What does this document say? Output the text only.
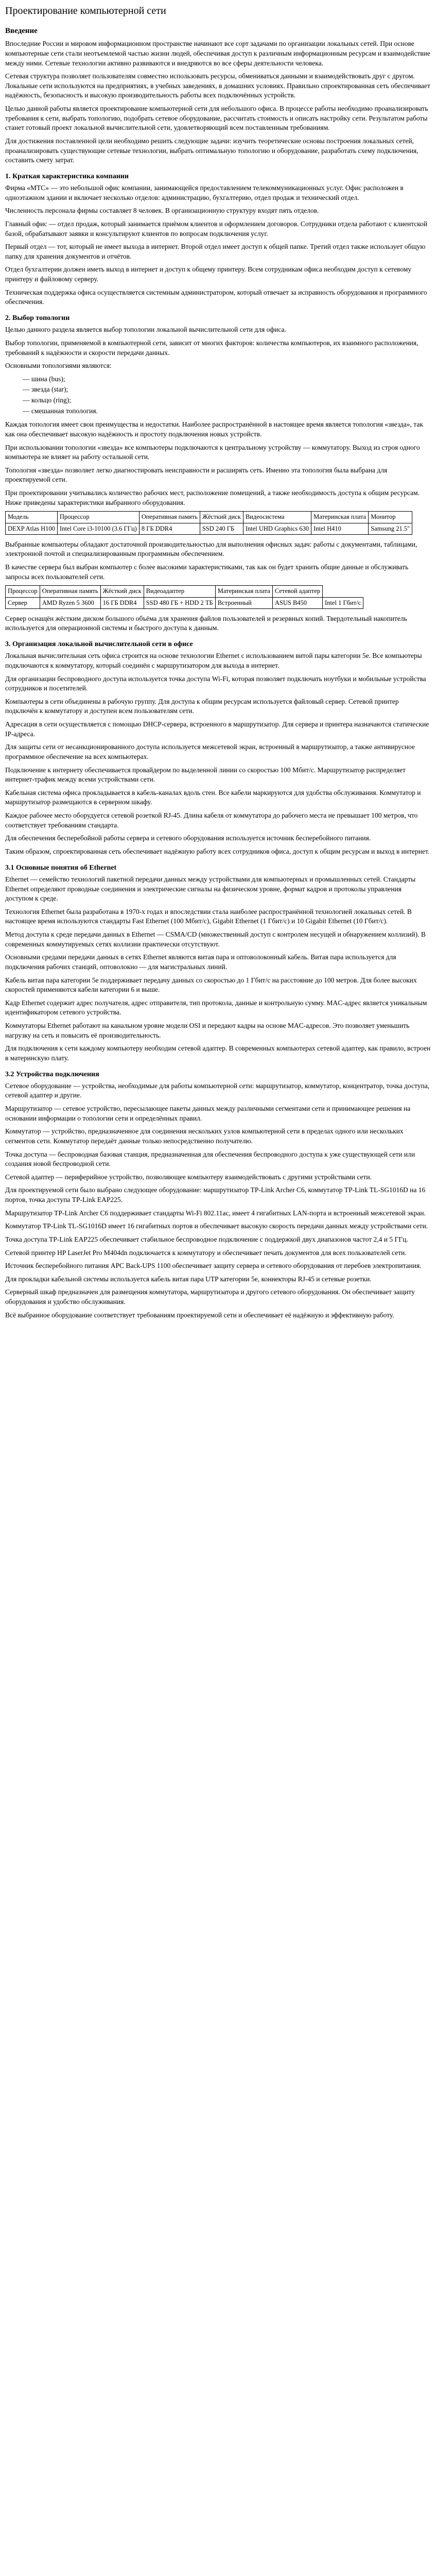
Проектирование компьютерной сети
Введение

Впоследние России и мировом информационном пространстве начинают все сорт задачами по организации локальных сетей. При основе компьютерные сети стали неотъемлемой частью жизни людей, обеспечивая доступ к различным информационным ресурсам и взаимодействие между ними. Сетевые технологии активно развиваются и внедряются во все сферы деятельности человека.

Сетевая структура позволяет пользователям совместно использовать ресурсы, обмениваться данными и взаимодействовать друг с другом. Локальные сети используются на предприятиях, в учебных заведениях, в домашних условиях. Правильно спроектированная сеть обеспечивает надёжность, безопасность и высокую производительность работы всех подключённых устройств.

Целью данной работы является проектирование компьютерной сети для небольшого офиса. В процессе работы необходимо проанализировать требования к сети, выбрать топологию, подобрать сетевое оборудование, рассчитать стоимость и описать настройку сети. Результатом работы станет готовый проект локальной вычислительной сети, удовлетворяющий всем поставленным требованиям.

Для достижения поставленной цели необходимо решить следующие задачи: изучить теоретические основы построения локальных сетей, проанализировать существующие сетевые технологии, выбрать оптимальную топологию и оборудование, разработать схему подключения, составить смету затрат.

1. Краткая характеристика компании

Фирма «МТС» — это небольшой офис компании, занимающейся предоставлением телекоммуникационных услуг. Офис расположен в одноэтажном здании и включает несколько отделов: администрацию, бухгалтерию, отдел продаж и технический отдел.

Численность персонала фирмы составляет 8 человек. В организационную структуру входят пять отделов.

Главный офис — отдел продаж, который занимается приёмом клиентов и оформлением договоров. Сотрудники отдела работают с клиентской базой, обрабатывают заявки и консультируют клиентов по вопросам подключения услуг.

Первый отдел — тот, который не имеет выхода в интернет. Второй отдел имеет доступ к общей папке. Третий отдел также использует общую папку для хранения документов и отчётов.

Отдел бухгалтерии должен иметь выход в интернет и доступ к общему принтеру. Всем сотрудникам офиса необходим доступ к сетевому принтеру и файловому серверу.

Техническая поддержка офиса осуществляется системным администратором, который отвечает за исправность оборудования и программного обеспечения.

2. Выбор топологии

Целью данного раздела является выбор топологии локальной вычислительной сети для офиса.

Выбор топологии, применяемой в компьютерной сети, зависит от многих факторов: количества компьютеров, их взаимного расположения, требований к надёжности и скорости передачи данных.

Основными топологиями являются:

— шина (bus);
— звезда (star);
— кольцо (ring);
— смешанная топология.

Каждая топология имеет свои преимущества и недостатки. Наиболее распространённой в настоящее время является топология «звезда», так как она обеспечивает высокую надёжность и простоту подключения новых устройств.

При использовании топологии «звезда» все компьютеры подключаются к центральному устройству — коммутатору. Выход из строя одного компьютера не влияет на работу остальной сети.

Топология «звезда» позволяет легко диагностировать неисправности и расширять сеть. Именно эта топология была выбрана для проектируемой сети.

При проектировании учитывались количество рабочих мест, расположение помещений, а также необходимость доступа к общим ресурсам. Ниже приведены характеристики выбранного оборудования.

Модель	Процессор	Оперативная память	Жёсткий диск	Видеосистема	Материнская плата	Монитор
DEXP Atlas H100	Intel Core i3-10100 (3.6 ГГц)	8 ГБ DDR4	SSD 240 ГБ	Intel UHD Graphics 630	Intel H410	Samsung 21.5"

Выбранные компьютеры обладают достаточной производительностью для выполнения офисных задач: работы с документами, таблицами, электронной почтой и специализированным программным обеспечением.

В качестве сервера был выбран компьютер с более высокими характеристиками, так как он будет хранить общие данные и обслуживать запросы всех пользователей сети.

Процессор	Оперативная память	Жёсткий диск	Видеоадаптер	Материнская плата	Сетевой адаптер	
Сервер	AMD Ryzen 5 3600	16 ГБ DDR4	SSD 480 ГБ + HDD 2 ТБ	Встроенный	ASUS B450	Intel 1 Гбит/с

Сервер оснащён жёстким диском большого объёма для хранения файлов пользователей и резервных копий. Твердотельный накопитель используется для операционной системы и быстрого доступа к данным.

3. Организация локальной вычислительной сети в офисе

Локальная вычислительная сеть офиса строится на основе технологии Ethernet с использованием витой пары категории 5e. Все компьютеры подключаются к коммутатору, который соединён с маршрутизатором для выхода в интернет.

Для организации беспроводного доступа используется точка доступа Wi-Fi, которая позволяет подключать ноутбуки и мобильные устройства сотрудников и посетителей.

Компьютеры в сети объединены в рабочую группу. Для доступа к общим ресурсам используется файловый сервер. Сетевой принтер подключён к коммутатору и доступен всем пользователям сети.

Адресация в сети осуществляется с помощью DHCP-сервера, встроенного в маршрутизатор. Для сервера и принтера назначаются статические IP-адреса.

Для защиты сети от несанкционированного доступа используется межсетевой экран, встроенный в маршрутизатор, а также антивирусное программное обеспечение на всех компьютерах.

Подключение к интернету обеспечивается провайдером по выделенной линии со скоростью 100 Мбит/с. Маршрутизатор распределяет интернет-трафик между всеми устройствами сети.

Кабельная система офиса прокладывается в кабель-каналах вдоль стен. Все кабели маркируются для удобства обслуживания. Коммутатор и маршрутизатор размещаются в серверном шкафу.

Каждое рабочее место оборудуется сетевой розеткой RJ-45. Длина кабеля от коммутатора до рабочего места не превышает 100 метров, что соответствует требованиям стандарта.

Для обеспечения бесперебойной работы сервера и сетевого оборудования используется источник бесперебойного питания.

Таким образом, спроектированная сеть обеспечивает надёжную работу всех сотрудников офиса, доступ к общим ресурсам и выход в интернет.

3.1 Основные понятия об Ethernet

Ethernet — семейство технологий пакетной передачи данных между устройствами для компьютерных и промышленных сетей. Стандарты Ethernet определяют проводные соединения и электрические сигналы на физическом уровне, формат кадров и протоколы управления доступом к среде.

Технология Ethernet была разработана в 1970-х годах и впоследствии стала наиболее распространённой технологией локальных сетей. В настоящее время используются стандарты Fast Ethernet (100 Мбит/с), Gigabit Ethernet (1 Гбит/с) и 10 Gigabit Ethernet (10 Гбит/с).

Метод доступа к среде передачи данных в Ethernet — CSMA/CD (множественный доступ с контролем несущей и обнаружением коллизий). В современных коммутируемых сетях коллизии практически отсутствуют.

Основными средами передачи данных в сетях Ethernet являются витая пара и оптоволоконный кабель. Витая пара используется для подключения рабочих станций, оптоволокно — для магистральных линий.

Кабель витая пара категории 5e поддерживает передачу данных со скоростью до 1 Гбит/с на расстояние до 100 метров. Для более высоких скоростей применяются кабели категории 6 и выше.

Кадр Ethernet содержит адрес получателя, адрес отправителя, тип протокола, данные и контрольную сумму. MAC-адрес является уникальным идентификатором сетевого устройства.

Коммутаторы Ethernet работают на канальном уровне модели OSI и передают кадры на основе MAC-адресов. Это позволяет уменьшить нагрузку на сеть и повысить её производительность.

Для подключения к сети каждому компьютеру необходим сетевой адаптер. В современных компьютерах сетевой адаптер, как правило, встроен в материнскую плату.

3.2 Устройства подключения

Сетевое оборудование — устройства, необходимые для работы компьютерной сети: маршрутизатор, коммутатор, концентратор, точка доступа, сетевой адаптер и другие.

Маршрутизатор — сетевое устройство, пересылающее пакеты данных между различными сегментами сети и принимающее решения на основании информации о топологии сети и определённых правил.

Коммутатор — устройство, предназначенное для соединения нескольких узлов компьютерной сети в пределах одного или нескольких сегментов сети. Коммутатор передаёт данные только непосредственно получателю.

Точка доступа — беспроводная базовая станция, предназначенная для обеспечения беспроводного доступа к уже существующей сети или создания новой беспроводной сети.

Сетевой адаптер — периферийное устройство, позволяющее компьютеру взаимодействовать с другими устройствами сети.

Для проектируемой сети было выбрано следующее оборудование: маршрутизатор TP-Link Archer C6, коммутатор TP-Link TL-SG1016D на 16 портов, точка доступа TP-Link EAP225.

Маршрутизатор TP-Link Archer C6 поддерживает стандарты Wi-Fi 802.11ac, имеет 4 гигабитных LAN-порта и встроенный межсетевой экран.

Коммутатор TP-Link TL-SG1016D имеет 16 гигабитных портов и обеспечивает высокую скорость передачи данных между устройствами сети.

Точка доступа TP-Link EAP225 обеспечивает стабильное беспроводное подключение с поддержкой двух диапазонов частот 2,4 и 5 ГГц.

Сетевой принтер HP LaserJet Pro M404dn подключается к коммутатору и обеспечивает печать документов для всех пользователей сети.

Источник бесперебойного питания APC Back-UPS 1100 обеспечивает защиту сервера и сетевого оборудования от перебоев электропитания.

Для прокладки кабельной системы используется кабель витая пара UTP категории 5e, коннекторы RJ-45 и сетевые розетки.

Серверный шкаф предназначен для размещения коммутатора, маршрутизатора и другого сетевого оборудования. Он обеспечивает защиту оборудования и удобство обслуживания.

Всё выбранное оборудование соответствует требованиям проектируемой сети и обеспечивает её надёжную и эффективную работу.
